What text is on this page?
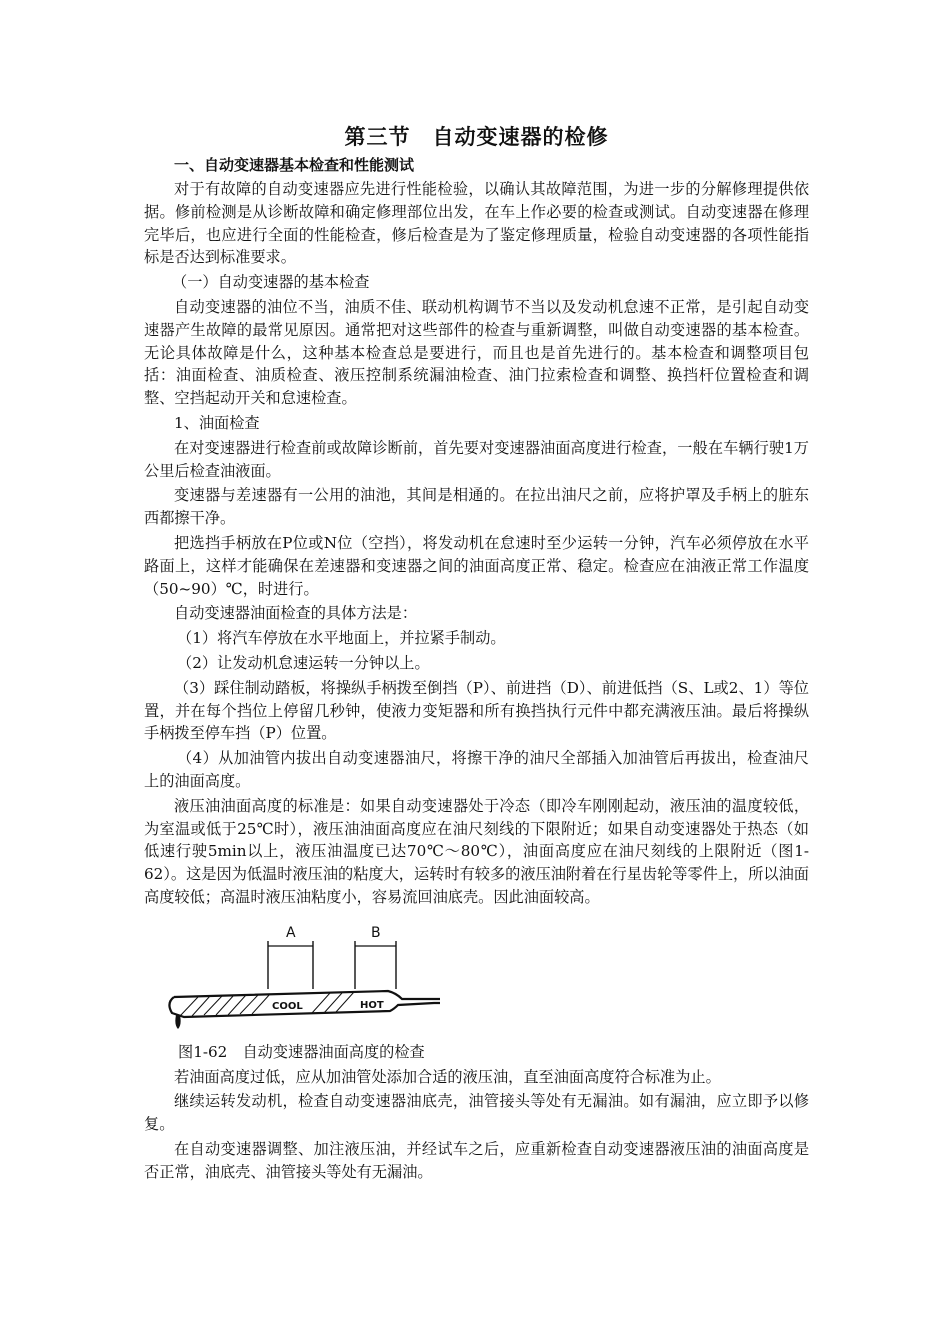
第三节　自动变速器的检修
一、自动变速器基本检查和性能测试

对于有故障的自动变速器应先进行性能检验，以确认其故障范围，为进一步的分解修理提供依据。修前检测是从诊断故障和确定修理部位出发，在车上作必要的检查或测试。自动变速器在修理完毕后，也应进行全面的性能检查，修后检查是为了鉴定修理质量，检验自动变速器的各项性能指标是否达到标准要求。

（一）自动变速器的基本检查

自动变速器的油位不当，油质不佳、联动机构调节不当以及发动机怠速不正常，是引起自动变速器产生故障的最常见原因。通常把对这些部件的检查与重新调整，叫做自动变速器的基本检查。无论具体故障是什么，这种基本检查总是要进行，而且也是首先进行的。基本检查和调整项目包括：油面检查、油质检查、液压控制系统漏油检查、油门拉索检查和调整、换挡杆位置检查和调整、空挡起动开关和怠速检查。

1、油面检查

在对变速器进行检查前或故障诊断前，首先要对变速器油面高度进行检查，一般在车辆行驶1万公里后检查油液面。

变速器与差速器有一公用的油池，其间是相通的。在拉出油尺之前，应将护罩及手柄上的脏东西都擦干净。

把选挡手柄放在P位或N位（空挡），将发动机在怠速时至少运转一分钟，汽车必须停放在水平路面上，这样才能确保在差速器和变速器之间的油面高度正常、稳定。检查应在油液正常工作温度（50~90）℃，时进行。

自动变速器油面检查的具体方法是：

（1）将汽车停放在水平地面上，并拉紧手制动。

（2）让发动机怠速运转一分钟以上。

（3）踩住制动踏板，将操纵手柄拨至倒挡（P）、前进挡（D）、前进低挡（S、L或2、1）等位置，并在每个挡位上停留几秒钟，使液力变矩器和所有换挡执行元件中都充满液压油。最后将操纵手柄拨至停车挡（P）位置。

（4）从加油管内拔出自动变速器油尺，将擦干净的油尺全部插入加油管后再拔出，检查油尺上的油面高度。

液压油油面高度的标准是：如果自动变速器处于冷态（即冷车刚刚起动，液压油的温度较低，为室温或低于25℃时），液压油油面高度应在油尺刻线的下限附近；如果自动变速器处于热态（如低速行驶5min以上，液压油温度已达70℃～80℃），油面高度应在油尺刻线的上限附近（图1-62）。这是因为低温时液压油的粘度大，运转时有较多的液压油附着在行星齿轮等零件上，所以油面高度较低；高温时液压油粘度小，容易流回油底壳。因此油面较高。

A	B
COOL	HOT

图1-62　自动变速器油面高度的检查

若油面高度过低，应从加油管处添加合适的液压油，直至油面高度符合标准为止。

继续运转发动机，检查自动变速器油底壳，油管接头等处有无漏油。如有漏油，应立即予以修复。

在自动变速器调整、加注液压油，并经试车之后，应重新检查自动变速器液压油的油面高度是否正常，油底壳、油管接头等处有无漏油。
